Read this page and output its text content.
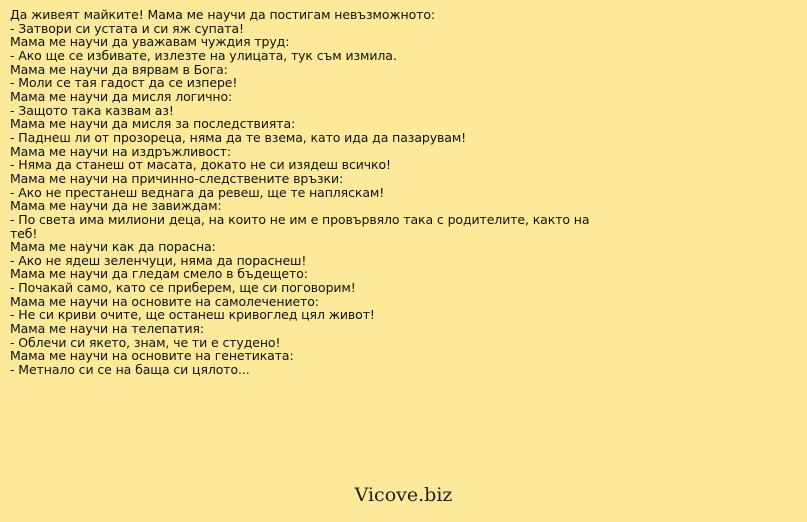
Да живеят майките! Мама ме научи да постигам невъзможното:
- Затвори си устата и си яж супата!
Мама ме научи да уважавам чуждия труд:
- Ако ще се избивате, излезте на улицата, тук съм измила.
Мама ме научи да вярвам в Бога:
- Моли се тая гадост да се изпере!
Мама ме научи да мисля логично:
- Защото така казвам аз!
Мама ме научи да мисля за последствията:
- Паднеш ли от прозореца, няма да те взема, като ида да пазарувам!
Мама ме научи на издръжливост:
- Няма да станеш от масата, докато не си изядеш всичко!
Мама ме научи на причинно-следствените връзки:
- Ако не престанеш веднага да ревеш, ще те напляскам!
Мама ме научи да не завиждам:
- По света има милиони деца, на които не им е провървяло така с родителите, както на теб!
Мама ме научи как да порасна:
- Ако не ядеш зеленчуци, няма да пораснеш!
Мама ме научи да гледам смело в бъдещето:
- Почакай само, като се приберем, ще си поговорим!
Мама ме научи на основите на самолечението:
- Не си криви очите, ще останеш кривоглед цял живот!
Мама ме научи на телепатия:
- Облечи си якето, знам, че ти е студено!
Мама ме научи на основите на генетиката:
- Метнало си се на баща си цялото...
Vicove.biz
